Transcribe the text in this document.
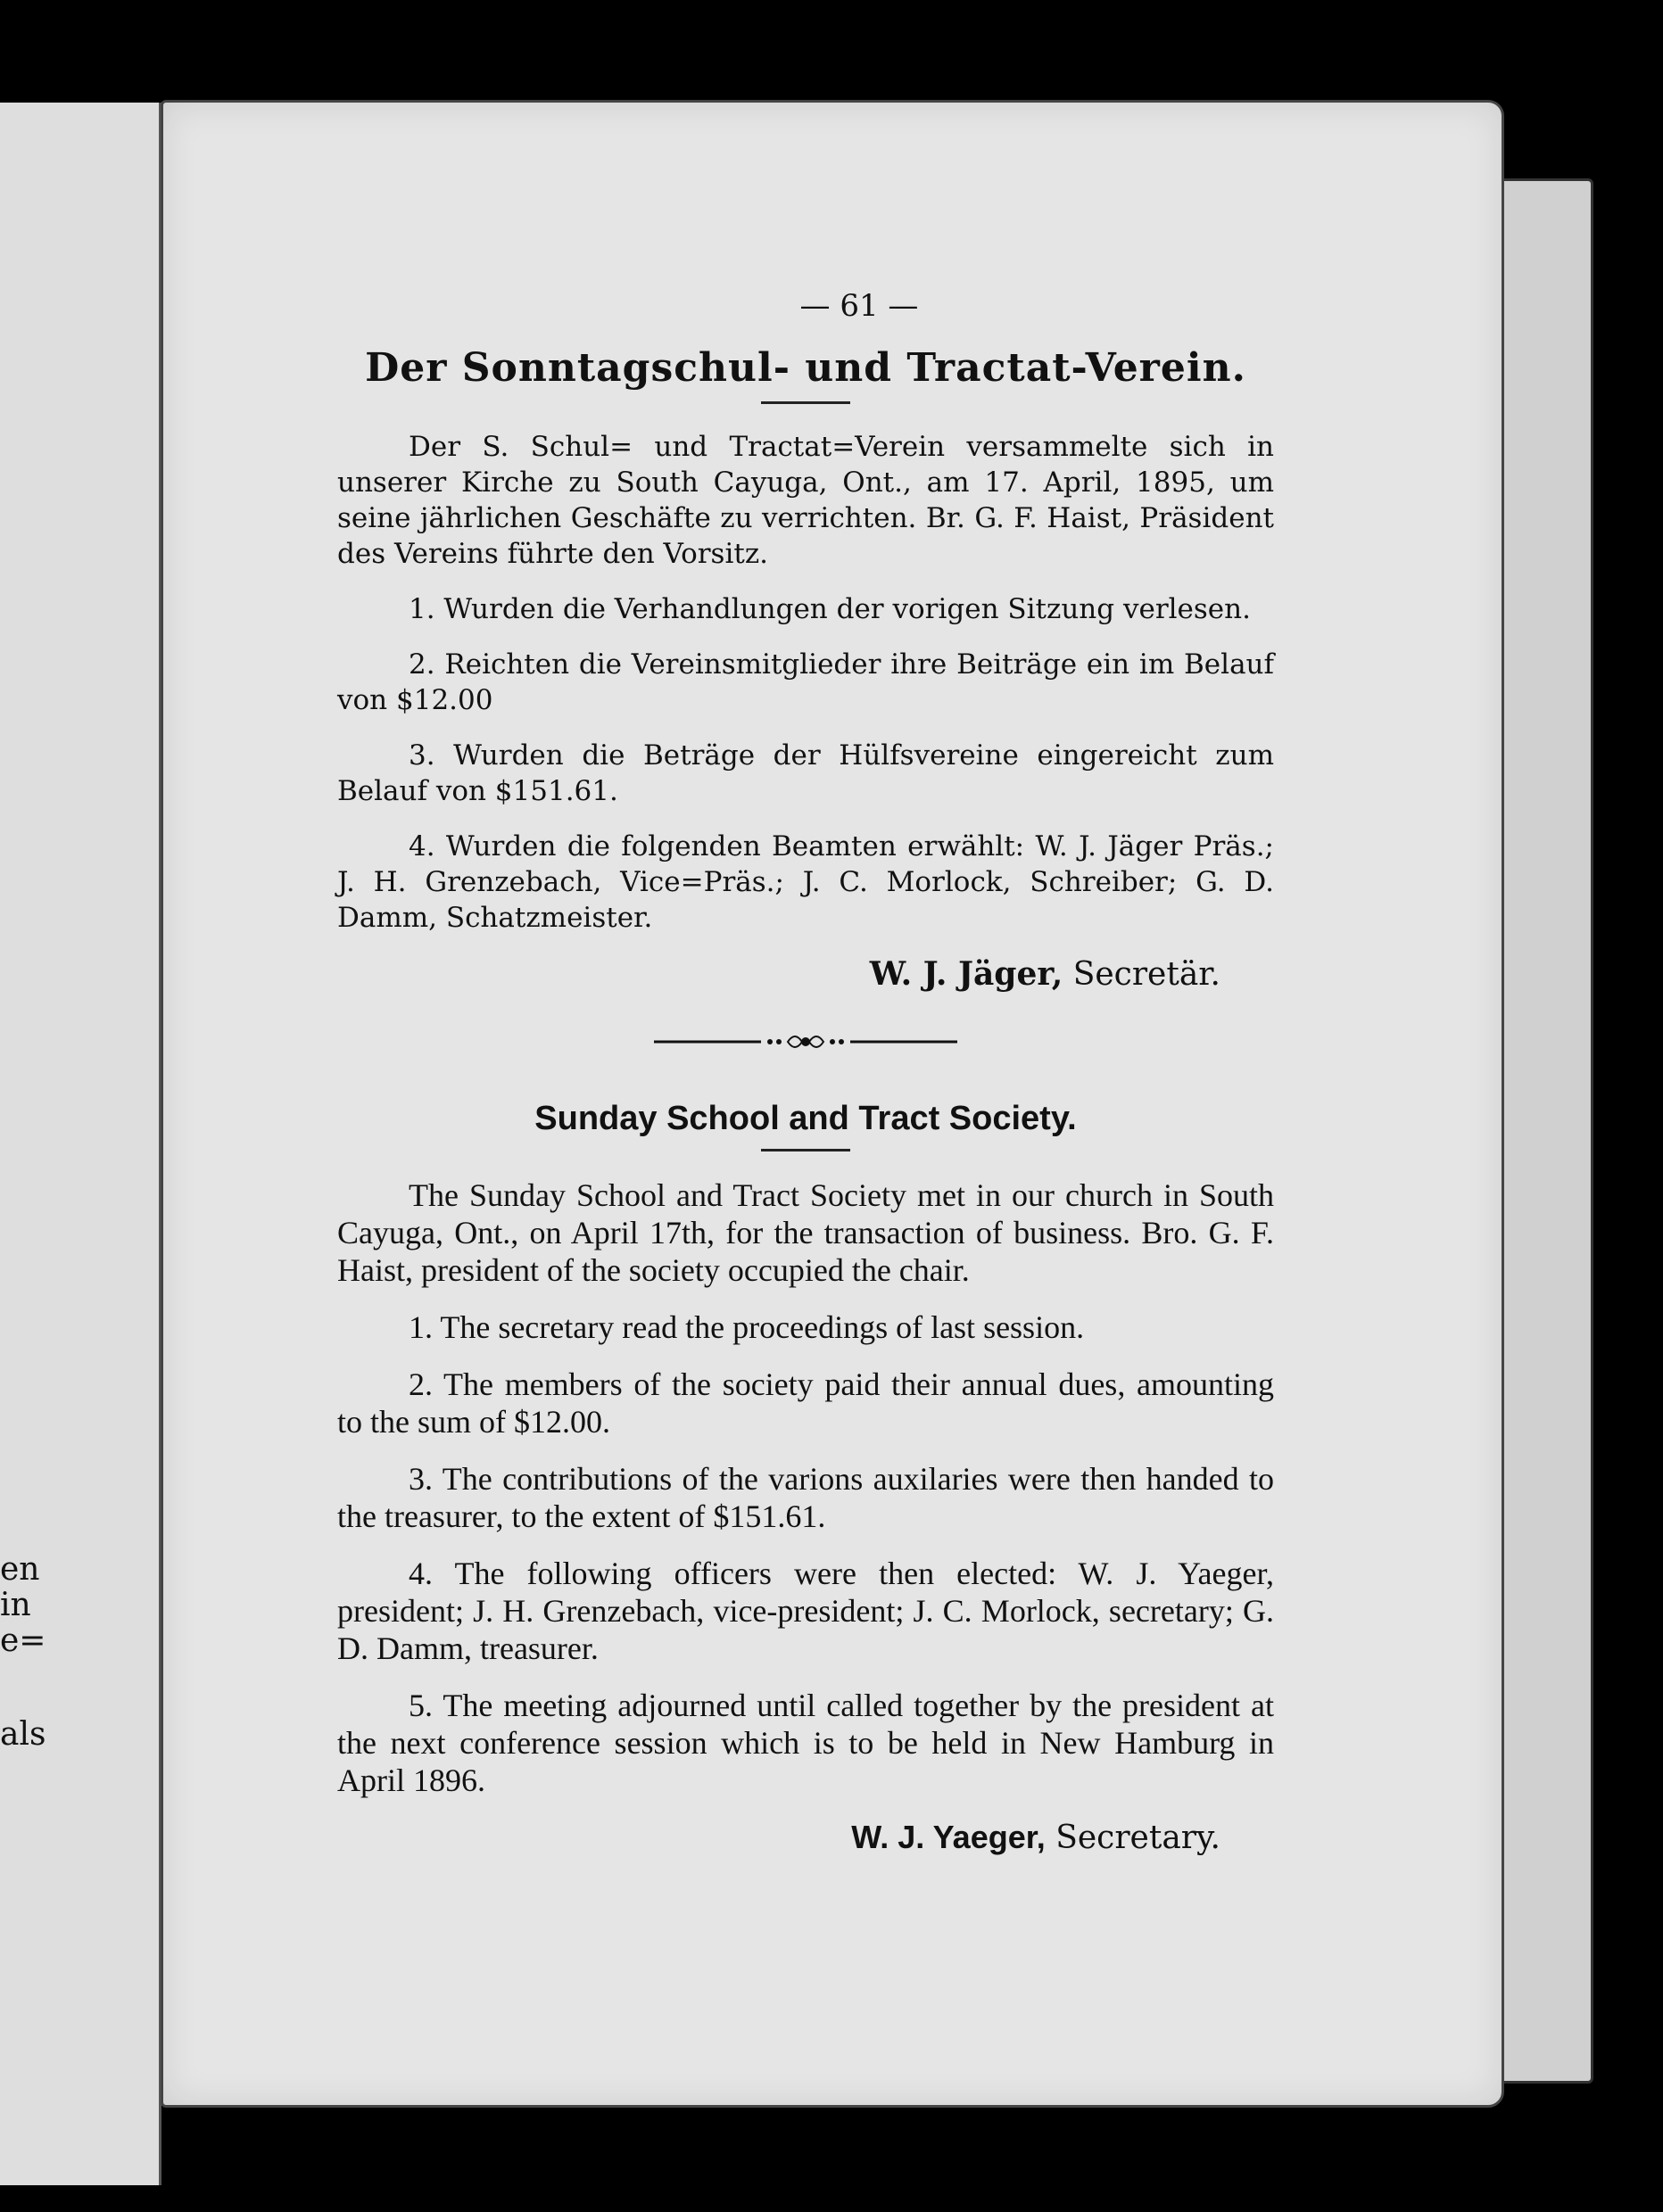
en
in
e=
als
— 61 —
Der Sonntagschul- und Tractat-Verein.

Der S. Schul= und Tractat=Verein versammelte sich in unserer Kirche zu South Cayuga, Ont., am 17. April, 1895, um seine jährlichen Geschäfte zu verrichten. Br. G. F. Haist, Präsident des Vereins führte den Vorsitz.

1. Wurden die Verhandlungen der vorigen Sitzung verlesen.

2. Reichten die Vereinsmitglieder ihre Beiträge ein im Belauf von $12.00

3. Wurden die Beträge der Hülfsvereine eingereicht zum Belauf von $151.61.

4. Wurden die folgenden Beamten erwählt: W. J. Jäger Präs.; J. H. Grenzebach, Vice=Präs.; J. C. Morlock, Schreiber; G. D. Damm, Schatzmeister.

W. J. Jäger, Secretär.
Sunday School and Tract Society.

The Sunday School and Tract Society met in our church in South Cayuga, Ont., on April 17th, for the transaction of business. Bro. G. F. Haist, president of the society occupied the chair.

1. The secretary read the proceedings of last session.

2. The members of the society paid their annual dues, amounting to the sum of $12.00.

3. The contributions of the varions auxilaries were then handed to the treasurer, to the extent of $151.61.

4. The following officers were then elected: W. J. Yaeger, president; J. H. Grenzebach, vice-president; J. C. Morlock, secretary; G. D. Damm, treasurer.

5. The meeting adjourned until called together by the president at the next conference session which is to be held in New Hamburg in April 1896.

W. J. Yaeger, Secretary.
